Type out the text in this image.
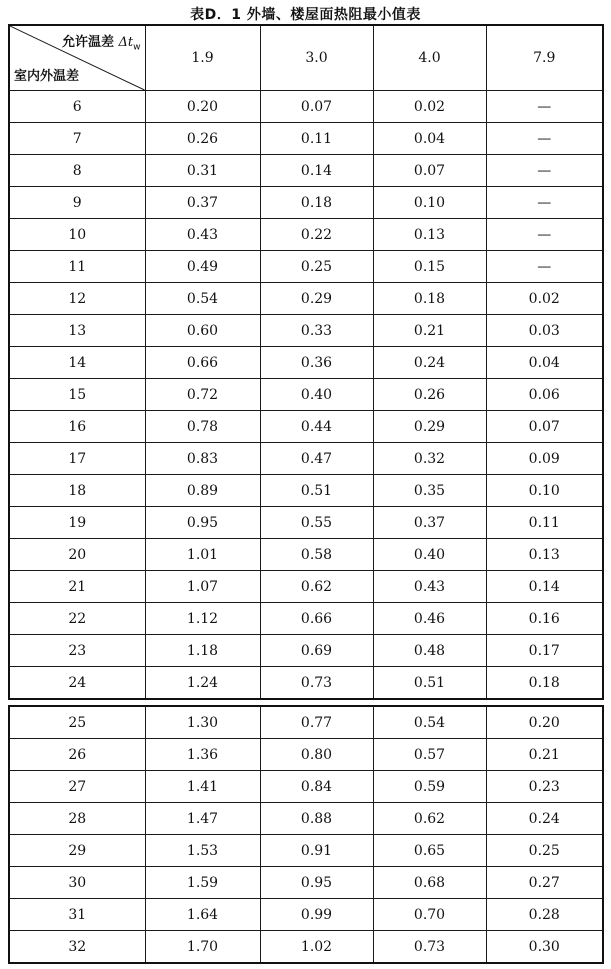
表D．1 外墙、楼屋面热阻最小值表
允许温差 $\Delta t_w$
室内外温差	1.9	3.0	4.0	7.9
6	0.20	0.07	0.02	—
7	0.26	0.11	0.04	—
8	0.31	0.14	0.07	—
9	0.37	0.18	0.10	—
10	0.43	0.22	0.13	—
11	0.49	0.25	0.15	—
12	0.54	0.29	0.18	0.02
13	0.60	0.33	0.21	0.03
14	0.66	0.36	0.24	0.04
15	0.72	0.40	0.26	0.06
16	0.78	0.44	0.29	0.07
17	0.83	0.47	0.32	0.09
18	0.89	0.51	0.35	0.10
19	0.95	0.55	0.37	0.11
20	1.01	0.58	0.40	0.13
21	1.07	0.62	0.43	0.14
22	1.12	0.66	0.46	0.16
23	1.18	0.69	0.48	0.17
24	1.24	0.73	0.51	0.18
25	1.30	0.77	0.54	0.20
26	1.36	0.80	0.57	0.21
27	1.41	0.84	0.59	0.23
28	1.47	0.88	0.62	0.24
29	1.53	0.91	0.65	0.25
30	1.59	0.95	0.68	0.27
31	1.64	0.99	0.70	0.28
32	1.70	1.02	0.73	0.30
